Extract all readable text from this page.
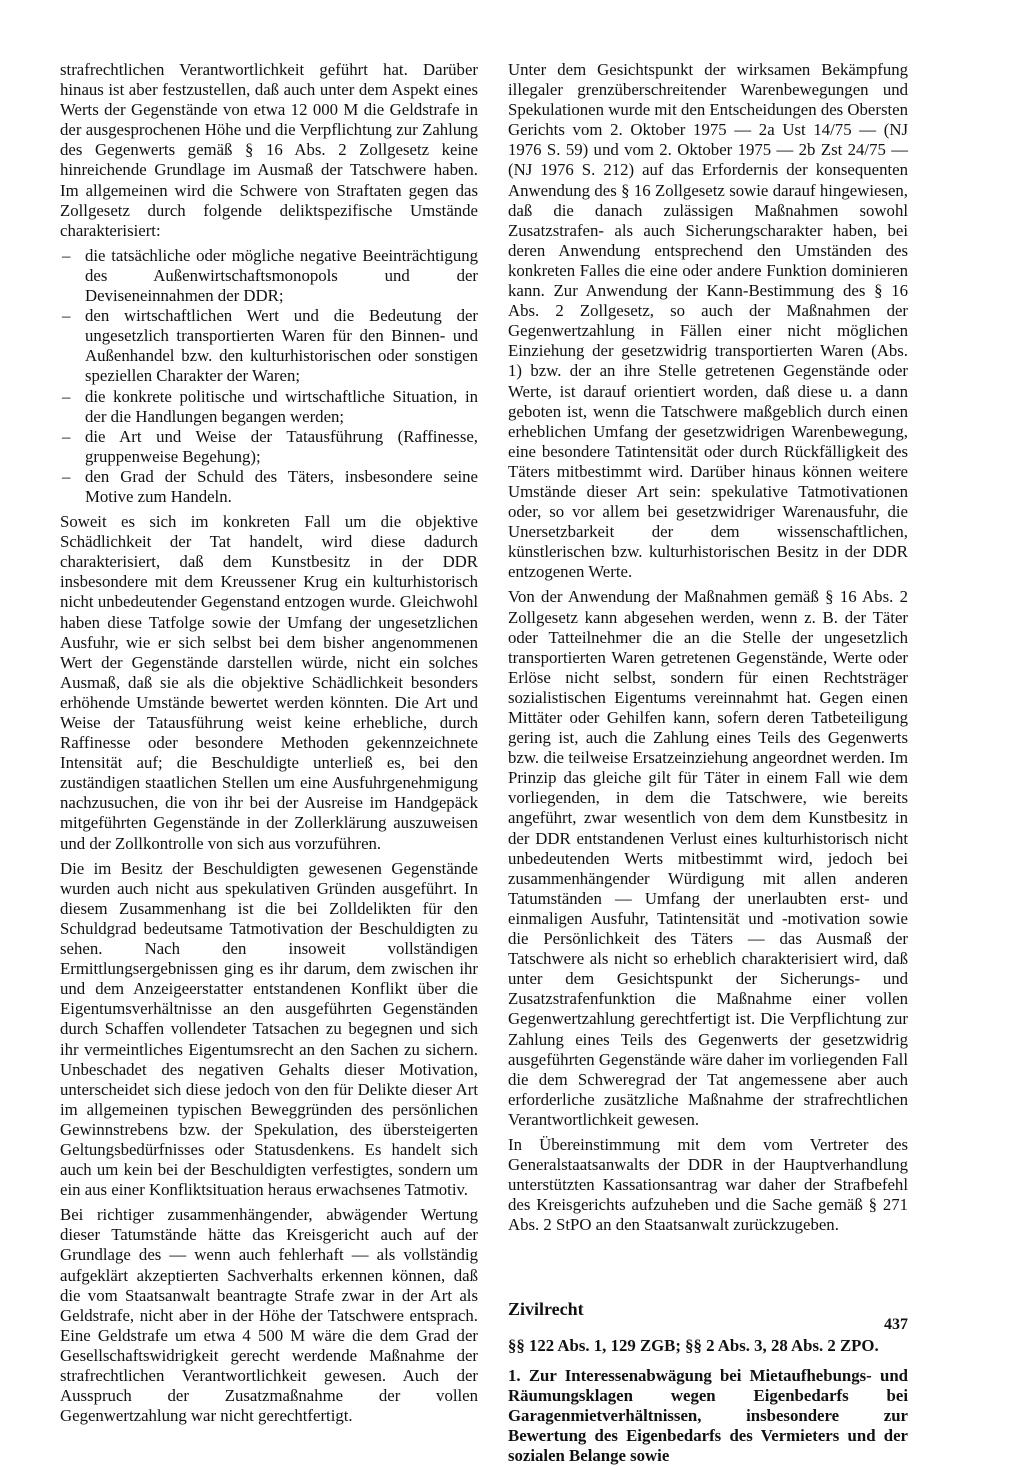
strafrechtlichen Verantwortlichkeit geführt hat. Darüber hinaus ist aber festzustellen, daß auch unter dem Aspekt eines Werts der Gegenstände von etwa 12 000 M die Geldstrafe in der ausgesprochenen Höhe und die Verpflichtung zur Zahlung des Gegenwerts gemäß § 16 Abs. 2 Zollgesetz keine hinreichende Grundlage im Ausmaß der Tatschwere haben. Im allgemeinen wird die Schwere von Straftaten gegen das Zollgesetz durch folgende deliktspezifische Umstände charakterisiert:

– die tatsächliche oder mögliche negative Beeinträchtigung des Außenwirtschaftsmonopols und der Deviseneinnahmen der DDR;
– den wirtschaftlichen Wert und die Bedeutung der ungesetzlich transportierten Waren für den Binnen- und Außenhandel bzw. den kulturhistorischen oder sonstigen speziellen Charakter der Waren;
– die konkrete politische und wirtschaftliche Situation, in der die Handlungen begangen werden;
– die Art und Weise der Tatausführung (Raffinesse, gruppenweise Begehung);
– den Grad der Schuld des Täters, insbesondere seine Motive zum Handeln.

Soweit es sich im konkreten Fall um die objektive Schädlichkeit der Tat handelt, wird diese dadurch charakterisiert, daß dem Kunstbesitz in der DDR insbesondere mit dem Kreussener Krug ein kulturhistorisch nicht unbedeutender Gegenstand entzogen wurde. Gleichwohl haben diese Tatfolge sowie der Umfang der ungesetzlichen Ausfuhr, wie er sich selbst bei dem bisher angenommenen Wert der Gegenstände darstellen würde, nicht ein solches Ausmaß, daß sie als die objektive Schädlichkeit besonders erhöhende Umstände bewertet werden könnten. Die Art und Weise der Tatausführung weist keine erhebliche, durch Raffinesse oder besondere Methoden gekennzeichnete Intensität auf; die Beschuldigte unterließ es, bei den zuständigen staatlichen Stellen um eine Ausfuhrgenehmigung nachzusuchen, die von ihr bei der Ausreise im Handgepäck mitgeführten Gegenstände in der Zollerklärung auszuweisen und der Zollkontrolle von sich aus vorzuführen.

Die im Besitz der Beschuldigten gewesenen Gegenstände wurden auch nicht aus spekulativen Gründen ausgeführt. In diesem Zusammenhang ist die bei Zolldelikten für den Schuldgrad bedeutsame Tatmotivation der Beschuldigten zu sehen. Nach den insoweit vollständigen Ermittlungsergebnissen ging es ihr darum, dem zwischen ihr und dem Anzeigeerstatter entstandenen Konflikt über die Eigentumsverhältnisse an den ausgeführten Gegenständen durch Schaffen vollendeter Tatsachen zu begegnen und sich ihr vermeintliches Eigentumsrecht an den Sachen zu sichern. Unbeschadet des negativen Gehalts dieser Motivation, unterscheidet sich diese jedoch von den für Delikte dieser Art im allgemeinen typischen Beweggründen des persönlichen Gewinnstrebens bzw. der Spekulation, des übersteigerten Geltungsbedürfnisses oder Statusdenkens. Es handelt sich auch um kein bei der Beschuldigten verfestigtes, sondern um ein aus einer Konfliktsituation heraus erwachsenes Tatmotiv.

Bei richtiger zusammenhängender, abwägender Wertung dieser Tatumstände hätte das Kreisgericht auch auf der Grundlage des — wenn auch fehlerhaft — als vollständig aufgeklärt akzeptierten Sachverhalts erkennen können, daß die vom Staatsanwalt beantragte Strafe zwar in der Art als Geldstrafe, nicht aber in der Höhe der Tatschwere entsprach. Eine Geldstrafe um etwa 4 500 M wäre die dem Grad der Gesellschaftswidrigkeit gerecht werdende Maßnahme der strafrechtlichen Verantwortlichkeit gewesen. Auch der Ausspruch der Zusatzmaßnahme der vollen Gegenwertzahlung war nicht gerechtfertigt.

Unter dem Gesichtspunkt der wirksamen Bekämpfung illegaler grenzüberschreitender Warenbewegungen und Spekulationen wurde mit den Entscheidungen des Obersten Gerichts vom 2. Oktober 1975 — 2a Ust 14/75 — (NJ 1976 S. 59) und vom 2. Oktober 1975 — 2b Zst 24/75 — (NJ 1976 S. 212) auf das Erfordernis der konsequenten Anwendung des § 16 Zollgesetz sowie darauf hingewiesen, daß die danach zulässigen Maßnahmen sowohl Zusatzstrafen- als auch Sicherungscharakter haben, bei deren Anwendung entsprechend den Umständen des konkreten Falles die eine oder andere Funktion dominieren kann. Zur Anwendung der Kann-Bestimmung des § 16 Abs. 2 Zollgesetz, so auch der Maßnahmen der Gegenwertzahlung in Fällen einer nicht möglichen Einziehung der gesetzwidrig transportierten Waren (Abs. 1) bzw. der an ihre Stelle getretenen Gegenstände oder Werte, ist darauf orientiert worden, daß diese u. a dann geboten ist, wenn die Tatschwere maßgeblich durch einen erheblichen Umfang der gesetzwidrigen Warenbewegung, eine besondere Tatintensität oder durch Rückfälligkeit des Täters mitbestimmt wird. Darüber hinaus können weitere Umstände dieser Art sein: spekulative Tatmotivationen oder, so vor allem bei gesetzwidriger Warenausfuhr, die Unersetzbarkeit der dem wissenschaftlichen, künstlerischen bzw. kulturhistorischen Besitz in der DDR entzogenen Werte.

Von der Anwendung der Maßnahmen gemäß § 16 Abs. 2 Zollgesetz kann abgesehen werden, wenn z. B. der Täter oder Tatteilnehmer die an die Stelle der ungesetzlich transportierten Waren getretenen Gegenstände, Werte oder Erlöse nicht selbst, sondern für einen Rechtsträger sozialistischen Eigentums vereinnahmt hat. Gegen einen Mittäter oder Gehilfen kann, sofern deren Tatbeteiligung gering ist, auch die Zahlung eines Teils des Gegenwerts bzw. die teilweise Ersatzeinziehung angeordnet werden. Im Prinzip das gleiche gilt für Täter in einem Fall wie dem vorliegenden, in dem die Tatschwere, wie bereits angeführt, zwar wesentlich von dem dem Kunstbesitz in der DDR entstandenen Verlust eines kulturhistorisch nicht unbedeutenden Werts mitbestimmt wird, jedoch bei zusammenhängender Würdigung mit allen anderen Tatumständen — Umfang der unerlaubten erst- und einmaligen Ausfuhr, Tatintensität und -motivation sowie die Persönlichkeit des Täters — das Ausmaß der Tatschwere als nicht so erheblich charakterisiert wird, daß unter dem Gesichtspunkt der Sicherungs- und Zusatzstrafenfunktion die Maßnahme einer vollen Gegenwertzahlung gerechtfertigt ist. Die Verpflichtung zur Zahlung eines Teils des Gegenwerts der gesetzwidrig ausgeführten Gegenstände wäre daher im vorliegenden Fall die dem Schweregrad der Tat angemessene aber auch erforderliche zusätzliche Maßnahme der strafrechtlichen Verantwortlichkeit gewesen.

In Übereinstimmung mit dem vom Vertreter des Generalstaatsanwalts der DDR in der Hauptverhandlung unterstützten Kassationsantrag war daher der Strafbefehl des Kreisgerichts aufzuheben und die Sache gemäß § 271 Abs. 2 StPO an den Staatsanwalt zurückzugeben.

Zivilrecht

§§ 122 Abs. 1, 129 ZGB; §§ 2 Abs. 3, 28 Abs. 2 ZPO.

1. Zur Interessenabwägung bei Mietaufhebungs- und Räumungsklagen wegen Eigenbedarfs bei Garagenmietverhältnissen, insbesondere zur Bewertung des Eigenbedarfs des Vermieters und der sozialen Belange sowie

437
